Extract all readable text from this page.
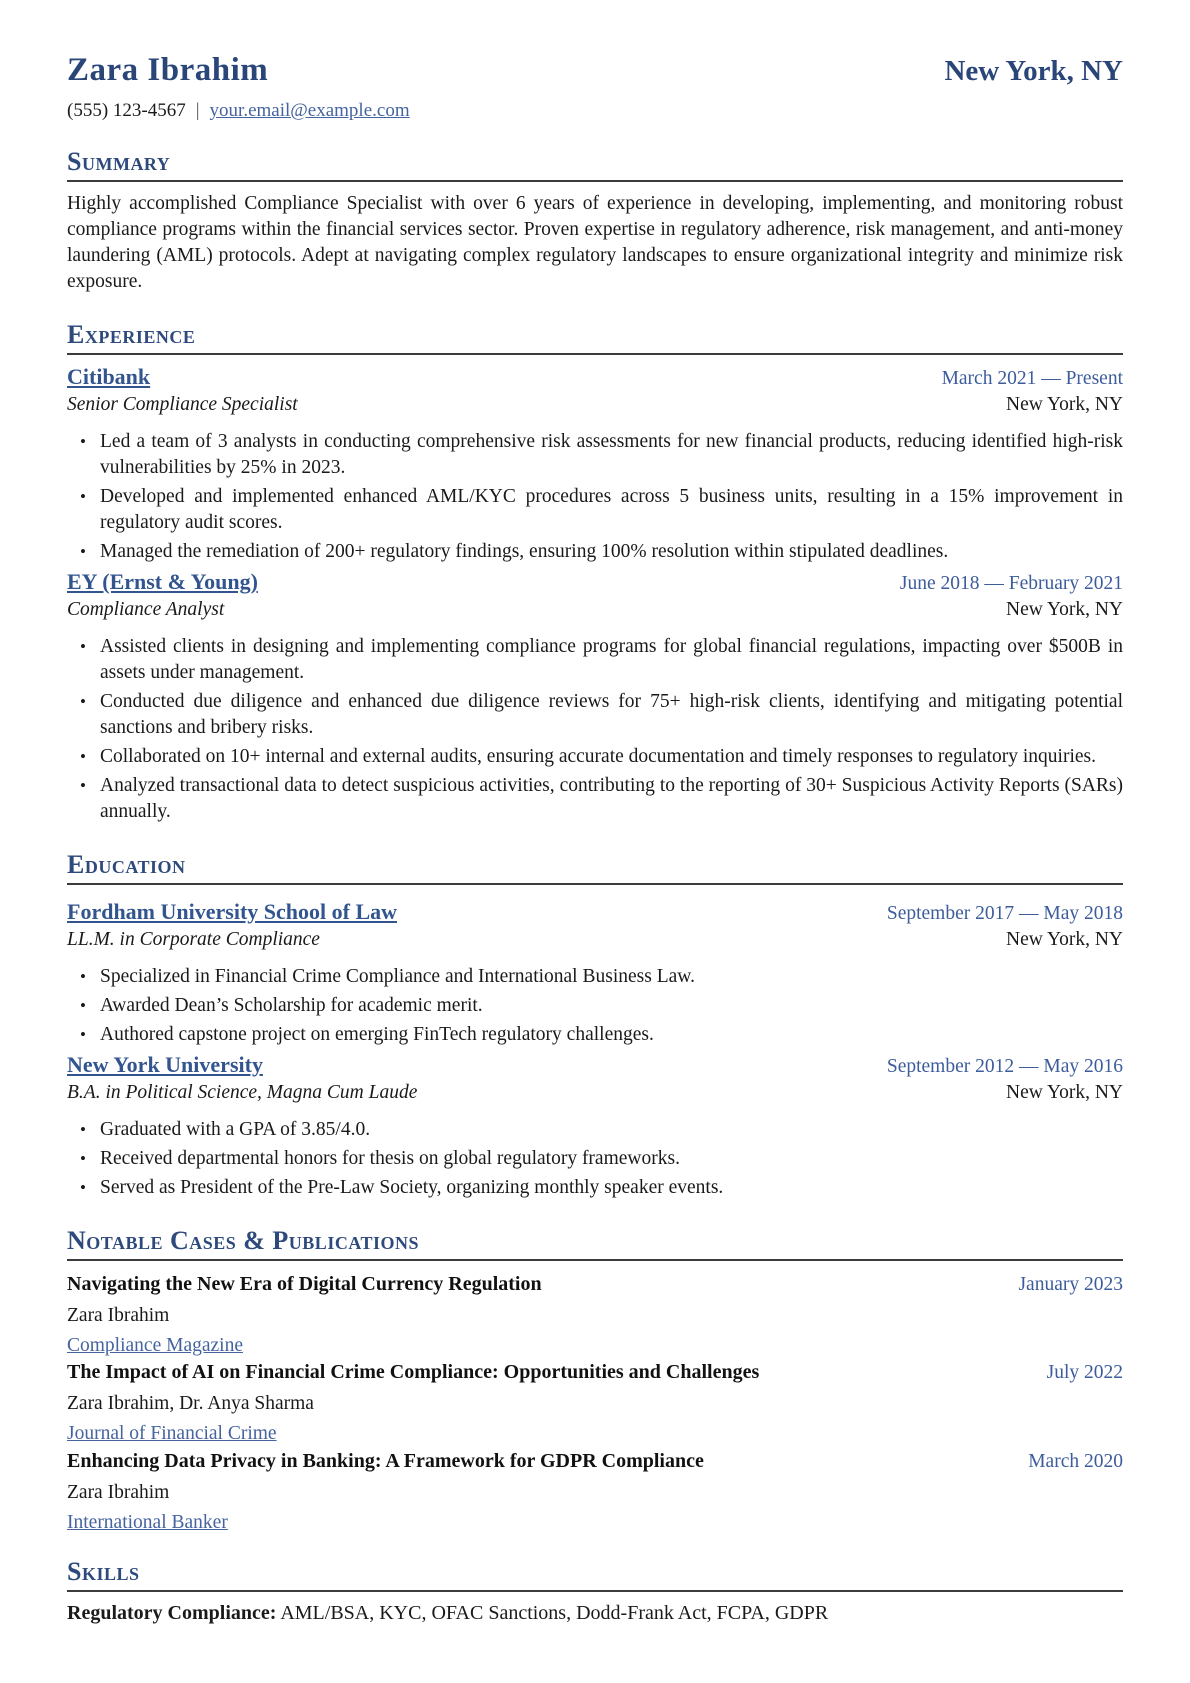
Zara Ibrahim	New York, NY
(555) 123-4567 | your.email@example.com
Summary
Highly accomplished Compliance Specialist with over 6 years of experience in developing, implementing, and monitoring robust compliance programs within the financial services sector. Proven expertise in regulatory adherence, risk management, and anti-money laundering (AML) protocols. Adept at navigating complex regulatory landscapes to ensure organizational integrity and minimize risk exposure.
Experience
Citibank	March 2021 — Present
Senior Compliance Specialist	New York, NY
• Led a team of 3 analysts in conducting comprehensive risk assessments for new financial products, reducing identified high-risk vulnerabilities by 25% in 2023.
• Developed and implemented enhanced AML/KYC procedures across 5 business units, resulting in a 15% improvement in regulatory audit scores.
• Managed the remediation of 200+ regulatory findings, ensuring 100% resolution within stipulated deadlines.
EY (Ernst & Young)	June 2018 — February 2021
Compliance Analyst	New York, NY
• Assisted clients in designing and implementing compliance programs for global financial regulations, impacting over $500B in assets under management.
• Conducted due diligence and enhanced due diligence reviews for 75+ high-risk clients, identifying and mitigating potential sanctions and bribery risks.
• Collaborated on 10+ internal and external audits, ensuring accurate documentation and timely responses to regulatory inquiries.
• Analyzed transactional data to detect suspicious activities, contributing to the reporting of 30+ Suspicious Activity Reports (SARs) annually.
Education
Fordham University School of Law	September 2017 — May 2018
LL.M. in Corporate Compliance	New York, NY
• Specialized in Financial Crime Compliance and International Business Law.
• Awarded Dean’s Scholarship for academic merit.
• Authored capstone project on emerging FinTech regulatory challenges.
New York University	September 2012 — May 2016
B.A. in Political Science, Magna Cum Laude	New York, NY
• Graduated with a GPA of 3.85/4.0.
• Received departmental honors for thesis on global regulatory frameworks.
• Served as President of the Pre-Law Society, organizing monthly speaker events.
Notable Cases & Publications
Navigating the New Era of Digital Currency Regulation	January 2023
Zara Ibrahim
Compliance Magazine
The Impact of AI on Financial Crime Compliance: Opportunities and Challenges	July 2022
Zara Ibrahim, Dr. Anya Sharma
Journal of Financial Crime
Enhancing Data Privacy in Banking: A Framework for GDPR Compliance	March 2020
Zara Ibrahim
International Banker
Skills
Regulatory Compliance: AML/BSA, KYC, OFAC Sanctions, Dodd-Frank Act, FCPA, GDPR
